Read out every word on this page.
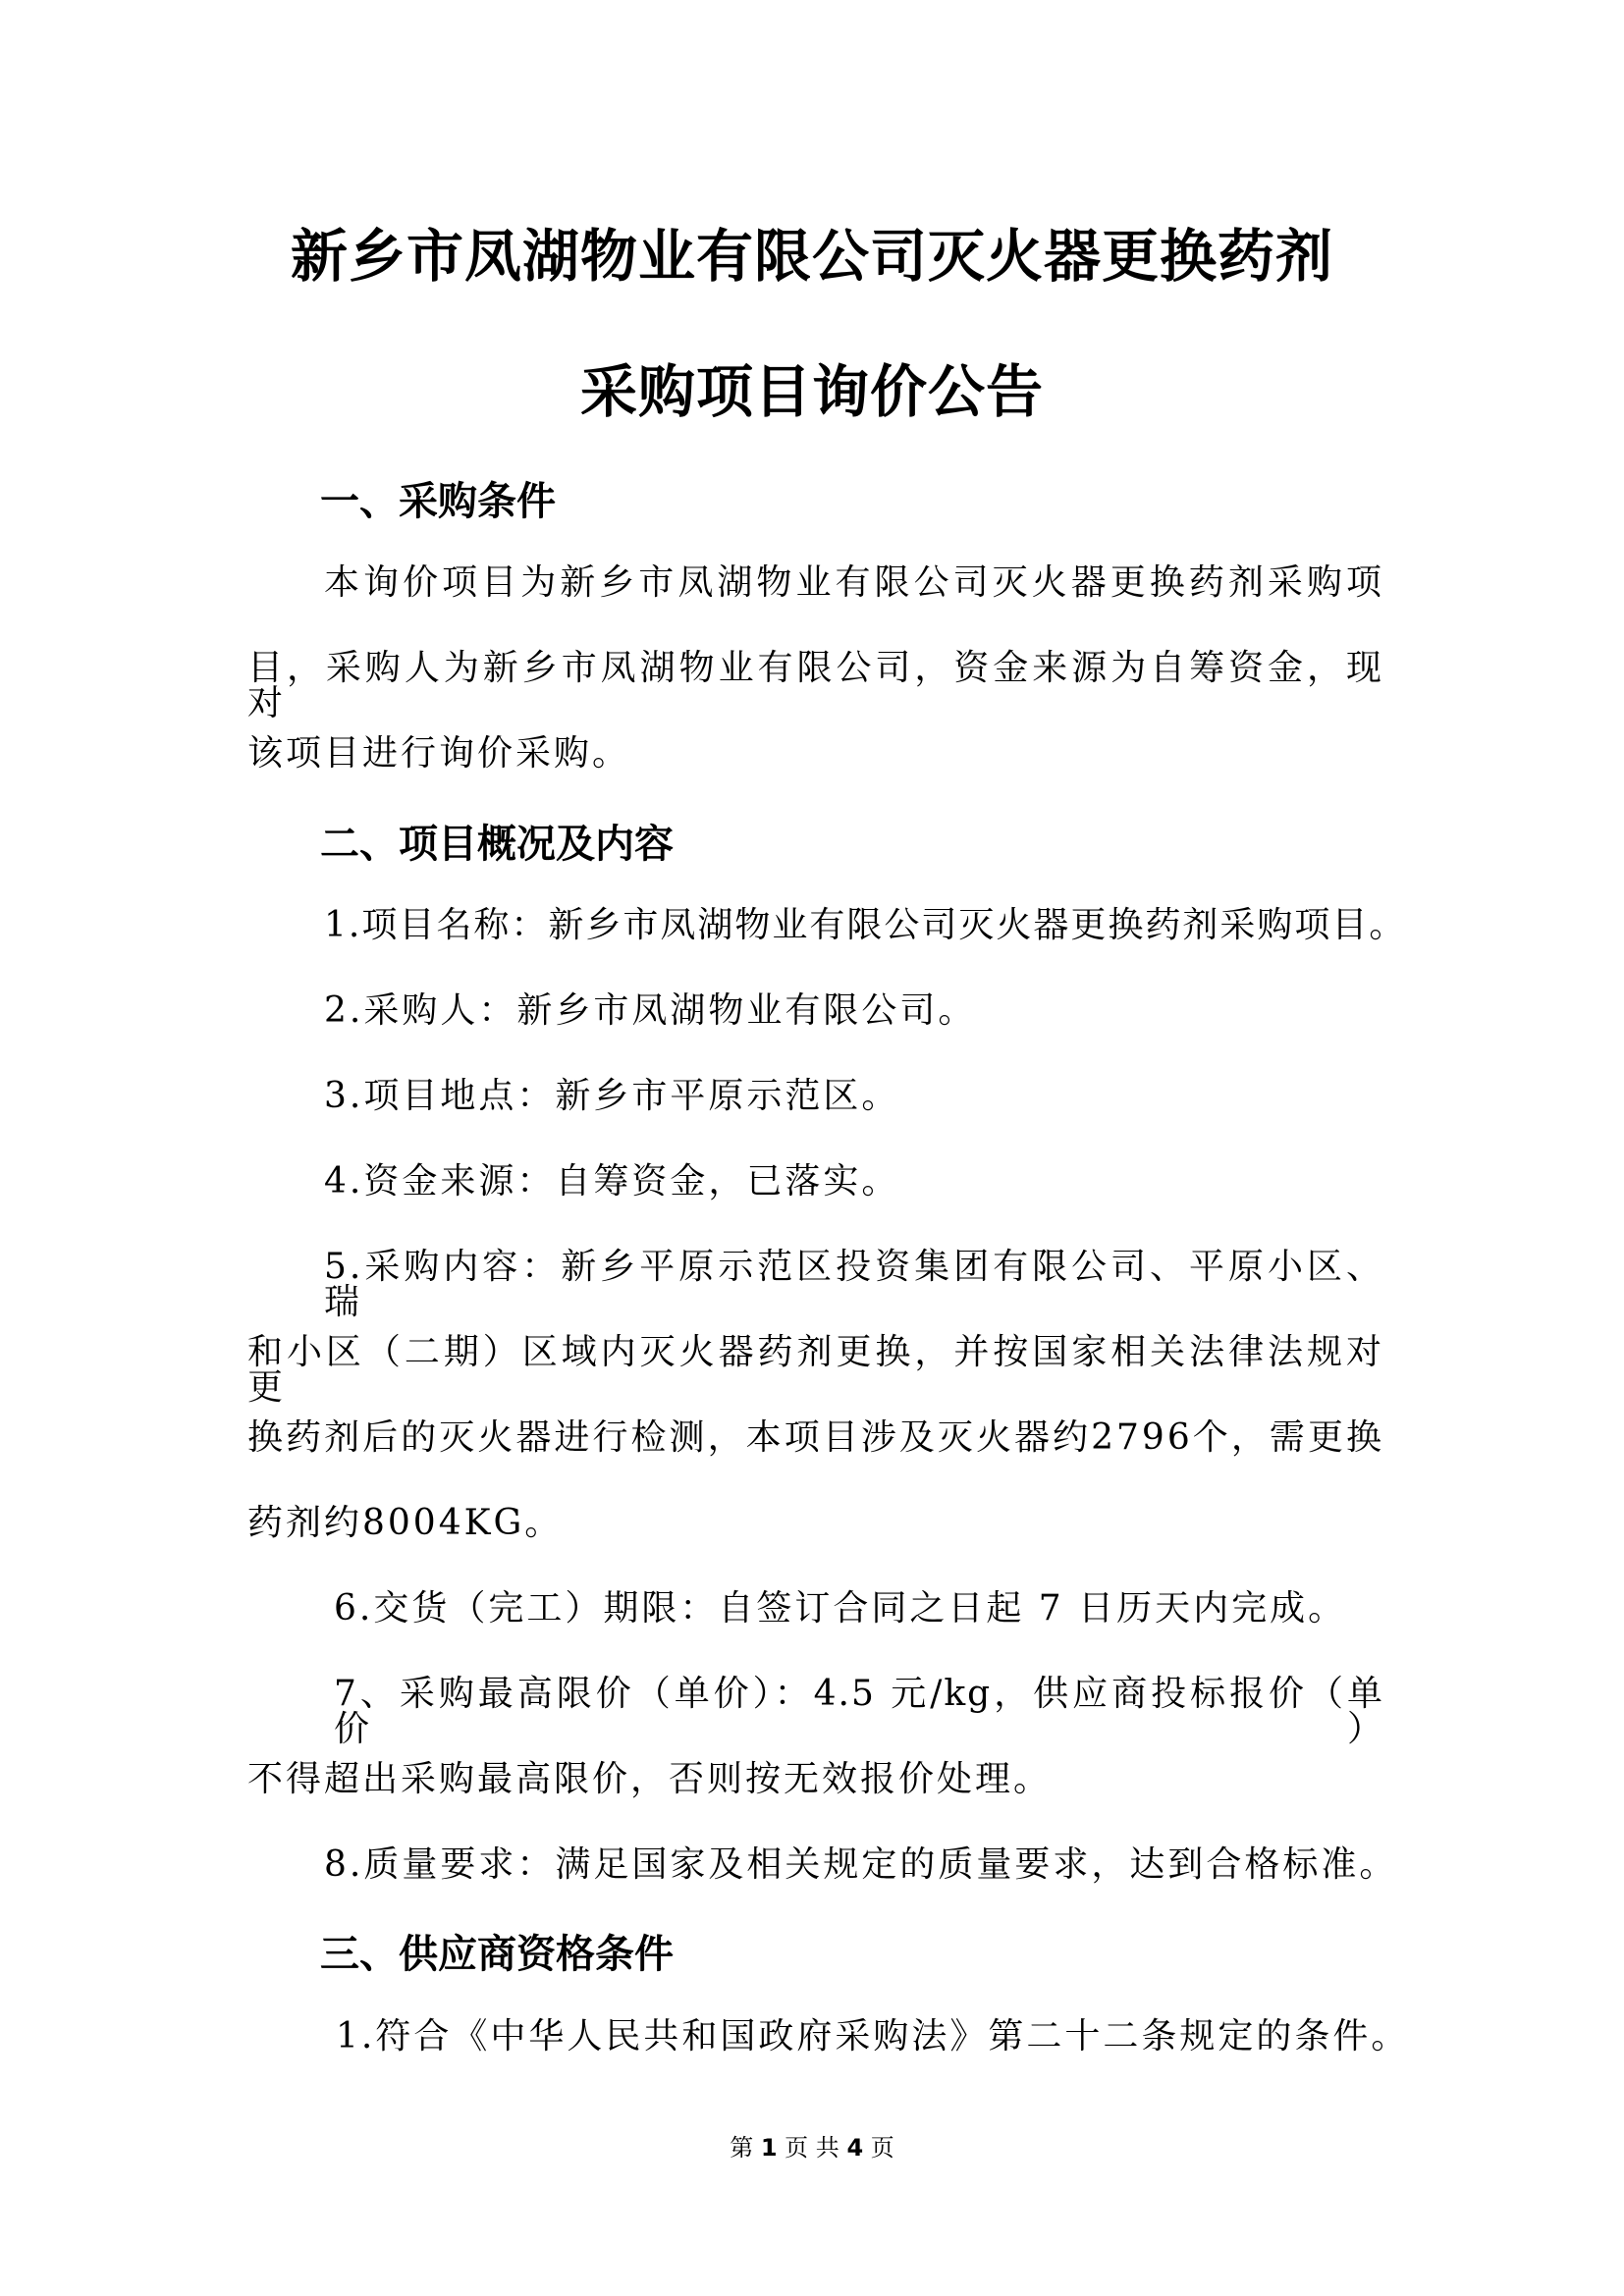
新乡市凤湖物业有限公司灭火器更换药剂
采购项目询价公告
一、采购条件
本询价项目为新乡市凤湖物业有限公司灭火器更换药剂采购项
目，采购人为新乡市凤湖物业有限公司，资金来源为自筹资金，现对
该项目进行询价采购。
二、项目概况及内容
1.项目名称：新乡市凤湖物业有限公司灭火器更换药剂采购项目。
2.采购人：新乡市凤湖物业有限公司。
3.项目地点：新乡市平原示范区。
4.资金来源：自筹资金，已落实。
5.采购内容：新乡平原示范区投资集团有限公司、平原小区、瑞
和小区（二期）区域内灭火器药剂更换，并按国家相关法律法规对更
换药剂后的灭火器进行检测，本项目涉及灭火器约2796个，需更换
药剂约8004KG。
6.交货（完工）期限：自签订合同之日起 7 日历天内完成。
7、采购最高限价（单价）：4.5 元/kg，供应商投标报价（单价）
不得超出采购最高限价，否则按无效报价处理。
8.质量要求：满足国家及相关规定的质量要求，达到合格标准。
三、供应商资格条件
1.符合《中华人民共和国政府采购法》第二十二条规定的条件。
第 1 页 共 4 页
